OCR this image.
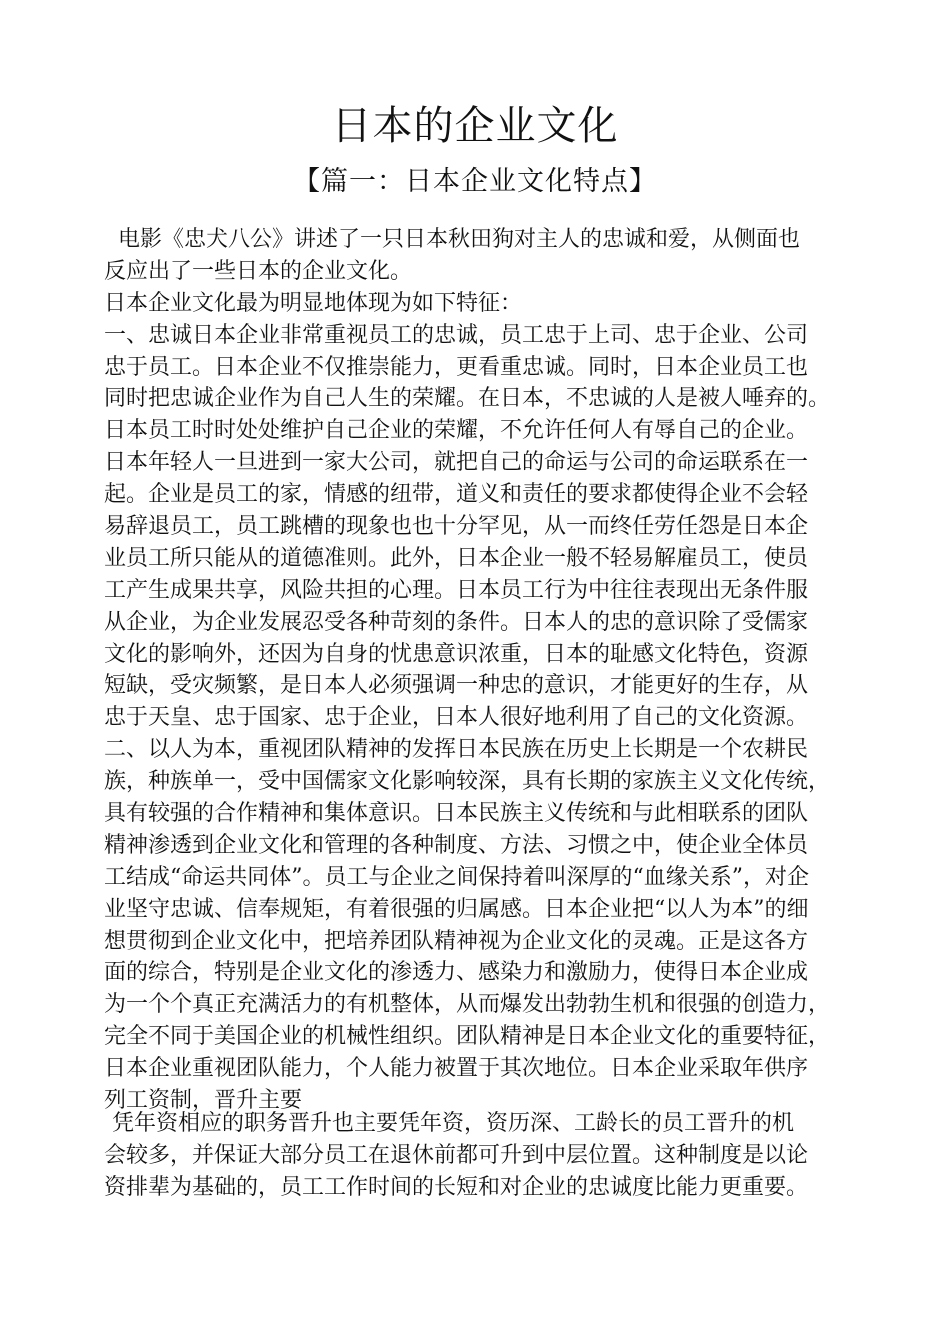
日本的企业文化
【篇一：日本企业文化特点】
电影《忠犬八公》讲述了一只日本秋田狗对主人的忠诚和爱，从侧面也
反应出了一些日本的企业文化。
日本企业文化最为明显地体现为如下特征：
一、忠诚日本企业非常重视员工的忠诚，员工忠于上司、忠于企业、公司
忠于员工。日本企业不仅推崇能力，更看重忠诚。同时，日本企业员工也
同时把忠诚企业作为自己人生的荣耀。在日本，不忠诚的人是被人唾弃的。
日本员工时时处处维护自己企业的荣耀，不允许任何人有辱自己的企业。
日本年轻人一旦进到一家大公司，就把自己的命运与公司的命运联系在一
起。企业是员工的家，情感的纽带，道义和责任的要求都使得企业不会轻
易辞退员工，员工跳槽的现象也也十分罕见，从一而终任劳任怨是日本企
业员工所只能从的道德准则。此外，日本企业一般不轻易解雇员工，使员
工产生成果共享，风险共担的心理。日本员工行为中往往表现出无条件服
从企业，为企业发展忍受各种苛刻的条件。日本人的忠的意识除了受儒家
文化的影响外，还因为自身的忧患意识浓重，日本的耻感文化特色，资源
短缺，受灾频繁，是日本人必须强调一种忠的意识，才能更好的生存，从
忠于天皇、忠于国家、忠于企业，日本人很好地利用了自己的文化资源。
二、以人为本，重视团队精神的发挥日本民族在历史上长期是一个农耕民
族，种族单一，受中国儒家文化影响较深，具有长期的家族主义文化传统，
具有较强的合作精神和集体意识。日本民族主义传统和与此相联系的团队
精神渗透到企业文化和管理的各种制度、方法、习惯之中，使企业全体员
工结成“命运共同体”。员工与企业之间保持着叫深厚的“血缘关系”，对企
业坚守忠诚、信奉规矩，有着很强的归属感。日本企业把“以人为本”的细
想贯彻到企业文化中，把培养团队精神视为企业文化的灵魂。正是这各方
面的综合，特别是企业文化的渗透力、感染力和激励力，使得日本企业成
为一个个真正充满活力的有机整体，从而爆发出勃勃生机和很强的创造力，
完全不同于美国企业的机械性组织。团队精神是日本企业文化的重要特征，
日本企业重视团队能力，个人能力被置于其次地位。日本企业采取年供序
列工资制，晋升主要
凭年资相应的职务晋升也主要凭年资，资历深、工龄长的员工晋升的机
会较多，并保证大部分员工在退休前都可升到中层位置。这种制度是以论
资排辈为基础的，员工工作时间的长短和对企业的忠诚度比能力更重要。
